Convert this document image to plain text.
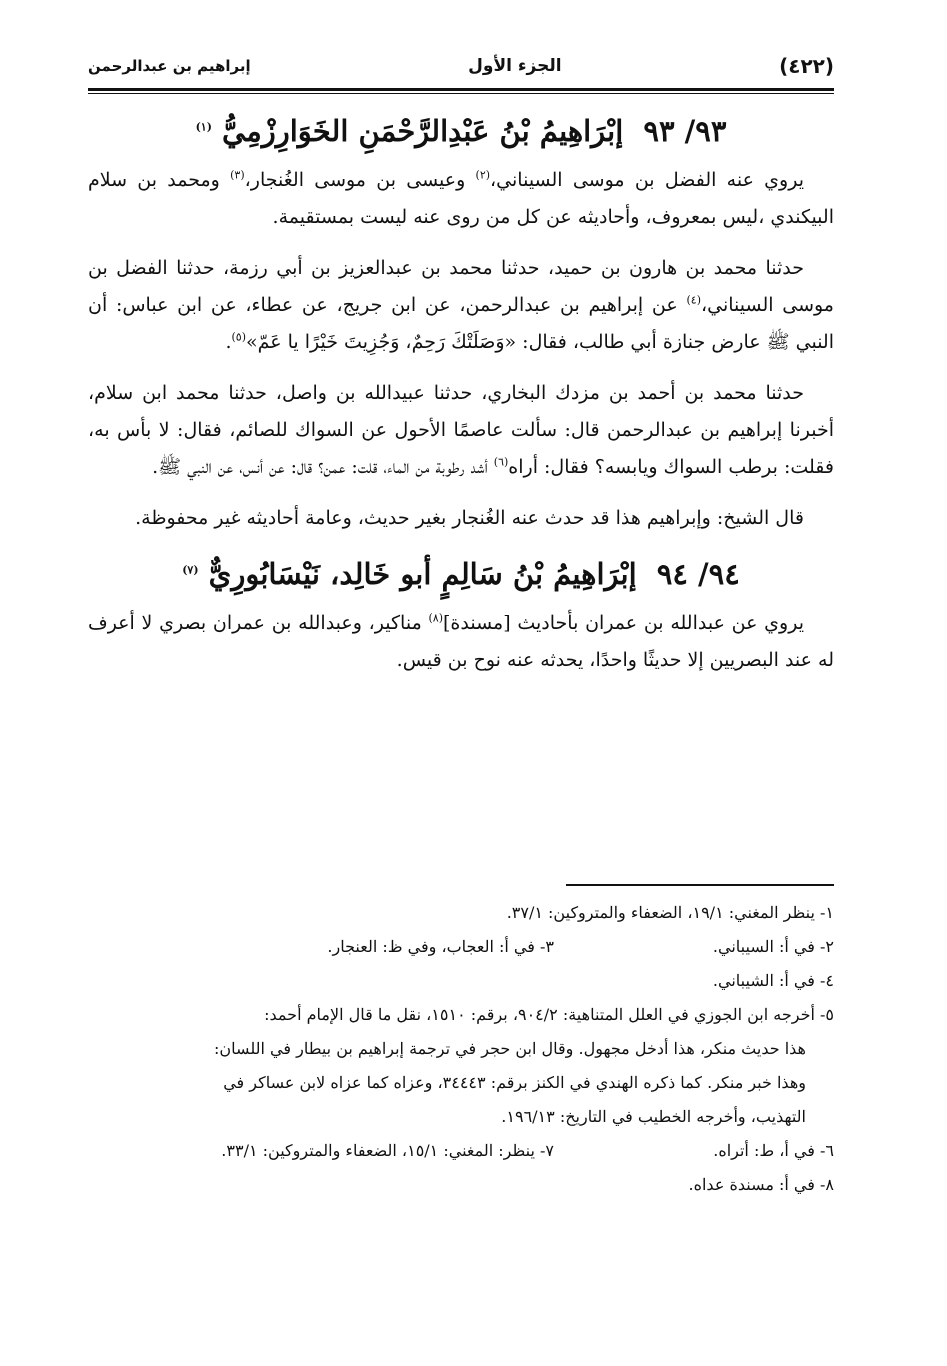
(٤٢٢)
الجزء الأول
إبراهيم بن عبدالرحمن
٩٣/ ٩٣ إبْرَاهِيمُ بْنُ عَبْدِالرَّحْمَنِ الخَوَارِزْمِيُّ $^{(١)}$

يروي عنه الفضل بن موسى السيناني،$^{(٢)}$ وعيسى بن موسى الغُنجار،$^{(٣)}$ ومحمد بن سلام البيكندي ،ليس بمعروف، وأحاديثه عن كل من روى عنه ليست بمستقيمة.

حدثنا محمد بن هارون بن حميد، حدثنا محمد بن عبدالعزيز بن أبي رزمة، حدثنا الفضل بن موسى السيناني،$^{(٤)}$ عن إبراهيم بن عبدالرحمن، عن ابن جريج، عن عطاء، عن ابن عباس: أن النبي ﷺ عارض جنازة أبي طالب، فقال: «وَصَلَتْكَ رَحِمٌ، وَجُزِيتَ خَيْرًا يا عَمّ»$^{(٥)}$.

حدثنا محمد بن أحمد بن مزدك البخاري، حدثنا عبيدالله بن واصل، حدثنا محمد ابن سلام، أخبرنا إبراهيم بن عبدالرحمن قال: سألت عاصمًا الأحول عن السواك للصائم، فقال: لا بأس به، فقلت: برطب السواك ويابسه؟ فقال: أراه$^{(٦)}$ أشد رطوبة من الماء، قلت: عمن؟ قال: عن أنس، عن النبي ﷺ.

قال الشيخ: وإبراهيم هذا قد حدث عنه الغُنجار بغير حديث، وعامة أحاديثه غير محفوظة.

٩٤/ ٩٤ إبْرَاهِيمُ بْنُ سَالِمٍ أبو خَالِد، نَيْسَابُورِيٌّ $^{(٧)}$

يروي عن عبدالله بن عمران بأحاديث [مسندة]$^{(٨)}$ مناكير، وعبدالله بن عمران بصري لا أعرف له عند البصريين إلا حديثًا واحدًا، يحدثه عنه نوح بن قيس.

١- ينظر المغني: ١٩/١، الضعفاء والمتروكين: ٣٧/١.
٢- في أ: السيباني.
٣- في أ: العجاب، وفي ظ: العنجار.
٤- في أ: الشيباني.
٥- أخرجه ابن الجوزي في العلل المتناهية: ٩٠٤/٢، برقم: ١٥١٠، نقل ما قال الإمام أحمد:
هذا حديث منكر، هذا أدخل مجهول. وقال ابن حجر في ترجمة إبراهيم بن بيطار في اللسان:
وهذا خبر منكر. كما ذكره الهندي في الكنز برقم: ٣٤٤٤٣، وعزاه كما عزاه لابن عساكر في
التهذيب، وأخرجه الخطيب في التاريخ: ١٩٦/١٣.
٦- في أ، ط: أتراه.
٧- ينظر: المغني: ١٥/١، الضعفاء والمتروكين: ٣٣/١.
٨- في أ: مسندة عداه.
